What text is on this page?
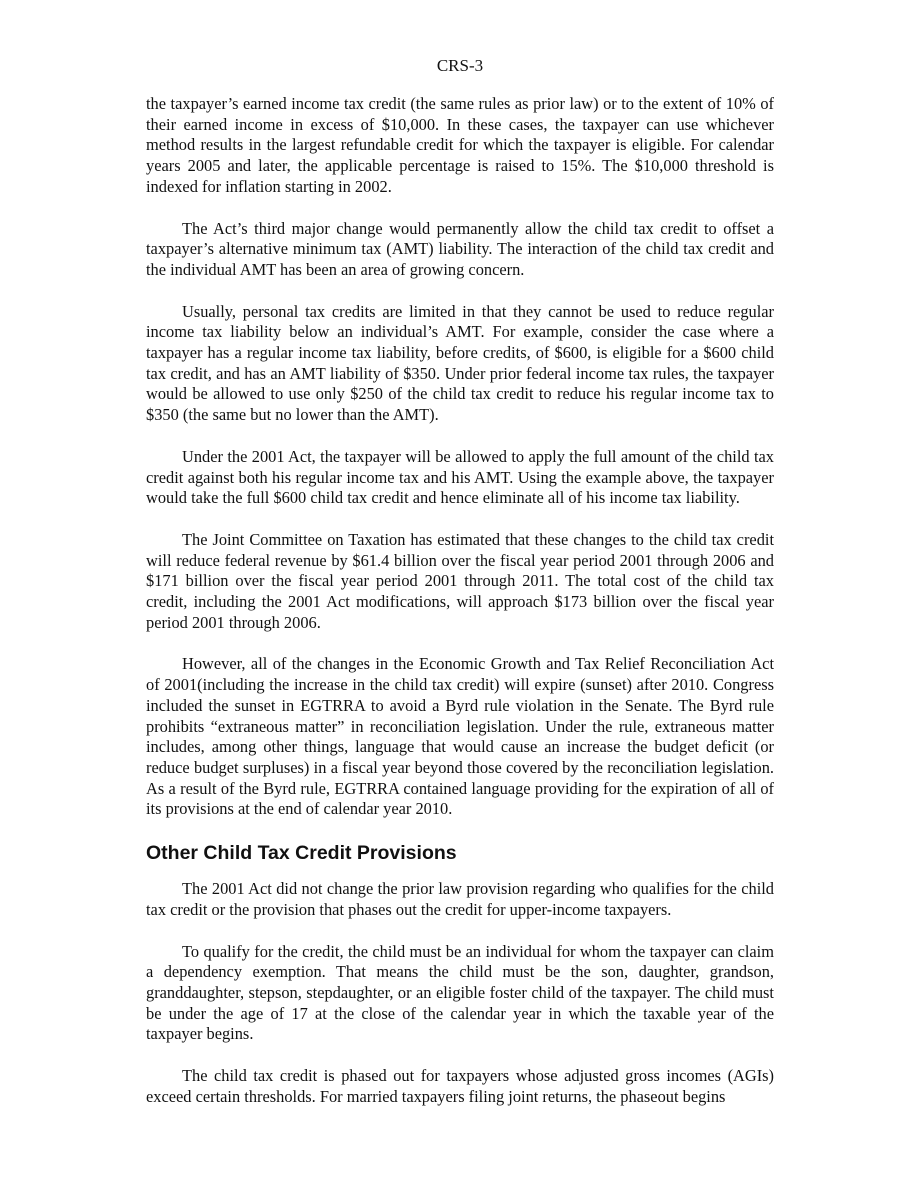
CRS-3

the taxpayer’s earned income tax credit (the same rules as prior law) or to the extent of 10% of their earned income in excess of $10,000. In these cases, the taxpayer can use whichever method results in the largest refundable credit for which the taxpayer is eligible. For calendar years 2005 and later, the applicable percentage is raised to 15%. The $10,000 threshold is indexed for inflation starting in 2002.

The Act’s third major change would permanently allow the child tax credit to offset a taxpayer’s alternative minimum tax (AMT) liability. The interaction of the child tax credit and the individual AMT has been an area of growing concern.

Usually, personal tax credits are limited in that they cannot be used to reduce regular income tax liability below an individual’s AMT. For example, consider the case where a taxpayer has a regular income tax liability, before credits, of $600, is eligible for a $600 child tax credit, and has an AMT liability of $350. Under prior federal income tax rules, the taxpayer would be allowed to use only $250 of the child tax credit to reduce his regular income tax to $350 (the same but no lower than the AMT).

Under the 2001 Act, the taxpayer will be allowed to apply the full amount of the child tax credit against both his regular income tax and his AMT. Using the example above, the taxpayer would take the full $600 child tax credit and hence eliminate all of his income tax liability.

The Joint Committee on Taxation has estimated that these changes to the child tax credit will reduce federal revenue by $61.4 billion over the fiscal year period 2001 through 2006 and $171 billion over the fiscal year period 2001 through 2011. The total cost of the child tax credit, including the 2001 Act modifications, will approach $173 billion over the fiscal year period 2001 through 2006.

However, all of the changes in the Economic Growth and Tax Relief Reconciliation Act of 2001(including the increase in the child tax credit) will expire (sunset) after 2010. Congress included the sunset in EGTRRA to avoid a Byrd rule violation in the Senate. The Byrd rule prohibits “extraneous matter” in reconciliation legislation. Under the rule, extraneous matter includes, among other things, language that would cause an increase the budget deficit (or reduce budget surpluses) in a fiscal year beyond those covered by the reconciliation legislation. As a result of the Byrd rule, EGTRRA contained language providing for the expiration of all of its provisions at the end of calendar year 2010.

Other Child Tax Credit Provisions

The 2001 Act did not change the prior law provision regarding who qualifies for the child tax credit or the provision that phases out the credit for upper-income taxpayers.

To qualify for the credit, the child must be an individual for whom the taxpayer can claim a dependency exemption. That means the child must be the son, daughter, grandson, granddaughter, stepson, stepdaughter, or an eligible foster child of the taxpayer. The child must be under the age of 17 at the close of the calendar year in which the taxable year of the taxpayer begins.

The child tax credit is phased out for taxpayers whose adjusted gross incomes (AGIs) exceed certain thresholds. For married taxpayers filing joint returns, the phaseout begins
